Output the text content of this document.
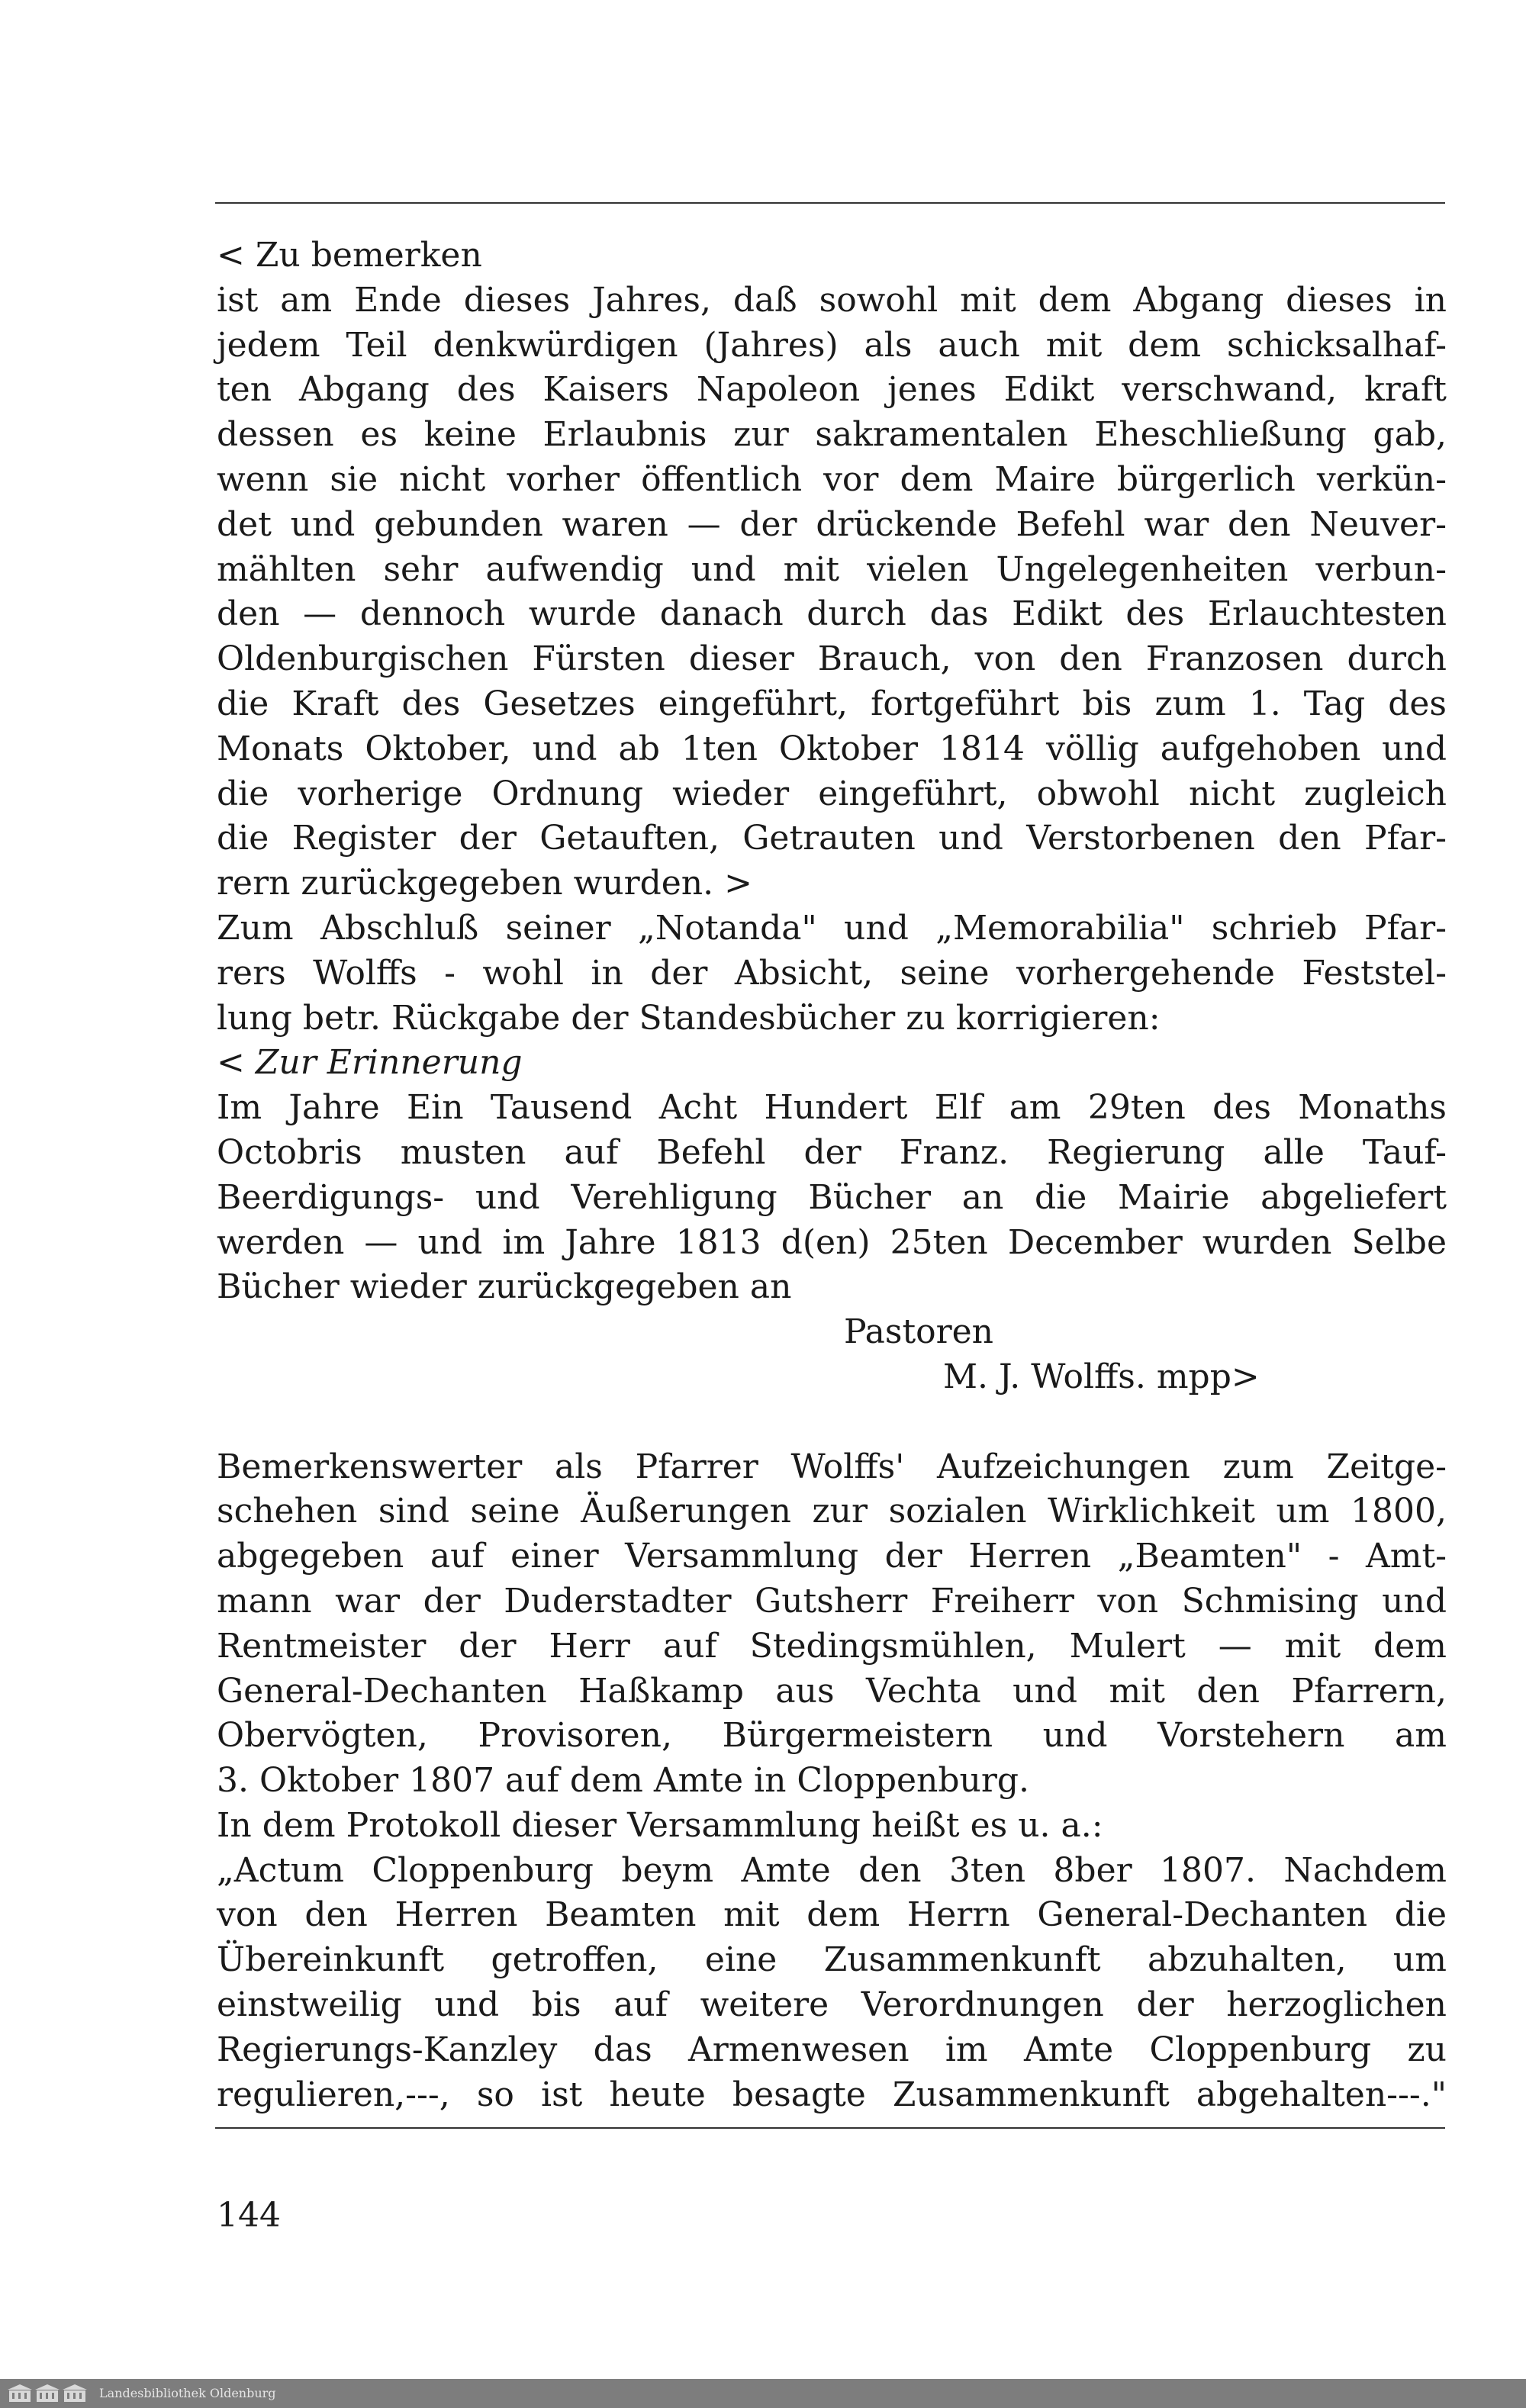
< Zu bemerken
ist am Ende dieses Jahres, daß sowohl mit dem Abgang dieses in
jedem Teil denkwürdigen (Jahres) als auch mit dem schicksalhaf-
ten Abgang des Kaisers Napoleon jenes Edikt verschwand, kraft
dessen es keine Erlaubnis zur sakramentalen Eheschließung gab,
wenn sie nicht vorher öffentlich vor dem Maire bürgerlich verkün-
det und gebunden waren — der drückende Befehl war den Neuver-
mählten sehr aufwendig und mit vielen Ungelegenheiten verbun-
den — dennoch wurde danach durch das Edikt des Erlauchtesten
Oldenburgischen Fürsten dieser Brauch, von den Franzosen durch
die Kraft des Gesetzes eingeführt, fortgeführt bis zum 1. Tag des
Monats Oktober, und ab 1ten Oktober 1814 völlig aufgehoben und
die vorherige Ordnung wieder eingeführt, obwohl nicht zugleich
die Register der Getauften, Getrauten und Verstorbenen den Pfar-
rern zurückgegeben wurden. >
Zum Abschluß seiner „Notanda" und „Memorabilia" schrieb Pfar-
rers Wolffs - wohl in der Absicht, seine vorhergehende Feststel-
lung betr. Rückgabe der Standesbücher zu korrigieren:
< Zur Erinnerung
Im Jahre Ein Tausend Acht Hundert Elf am 29ten des Monaths
Octobris musten auf Befehl der Franz. Regierung alle Tauf-
Beerdigungs- und Verehligung Bücher an die Mairie abgeliefert
werden — und im Jahre 1813 d(en) 25ten December wurden Selbe
Bücher wieder zurückgegeben an
Pastoren
M. J. Wolffs. mpp>
Bemerkenswerter als Pfarrer Wolffs' Aufzeichungen zum Zeitge-
schehen sind seine Äußerungen zur sozialen Wirklichkeit um 1800,
abgegeben auf einer Versammlung der Herren „Beamten" - Amt-
mann war der Duderstadter Gutsherr Freiherr von Schmising und
Rentmeister der Herr auf Stedingsmühlen, Mulert — mit dem
General-Dechanten Haßkamp aus Vechta und mit den Pfarrern,
Obervögten, Provisoren, Bürgermeistern und Vorstehern am
3. Oktober 1807 auf dem Amte in Cloppenburg.
In dem Protokoll dieser Versammlung heißt es u. a.:
„Actum Cloppenburg beym Amte den 3ten 8ber 1807. Nachdem
von den Herren Beamten mit dem Herrn General-Dechanten die
Übereinkunft getroffen, eine Zusammenkunft abzuhalten, um
einstweilig und bis auf weitere Verordnungen der herzoglichen
Regierungs-Kanzley das Armenwesen im Amte Cloppenburg zu
regulieren,---, so ist heute besagte Zusammenkunft abgehalten---."
144
Landesbibliothek Oldenburg
